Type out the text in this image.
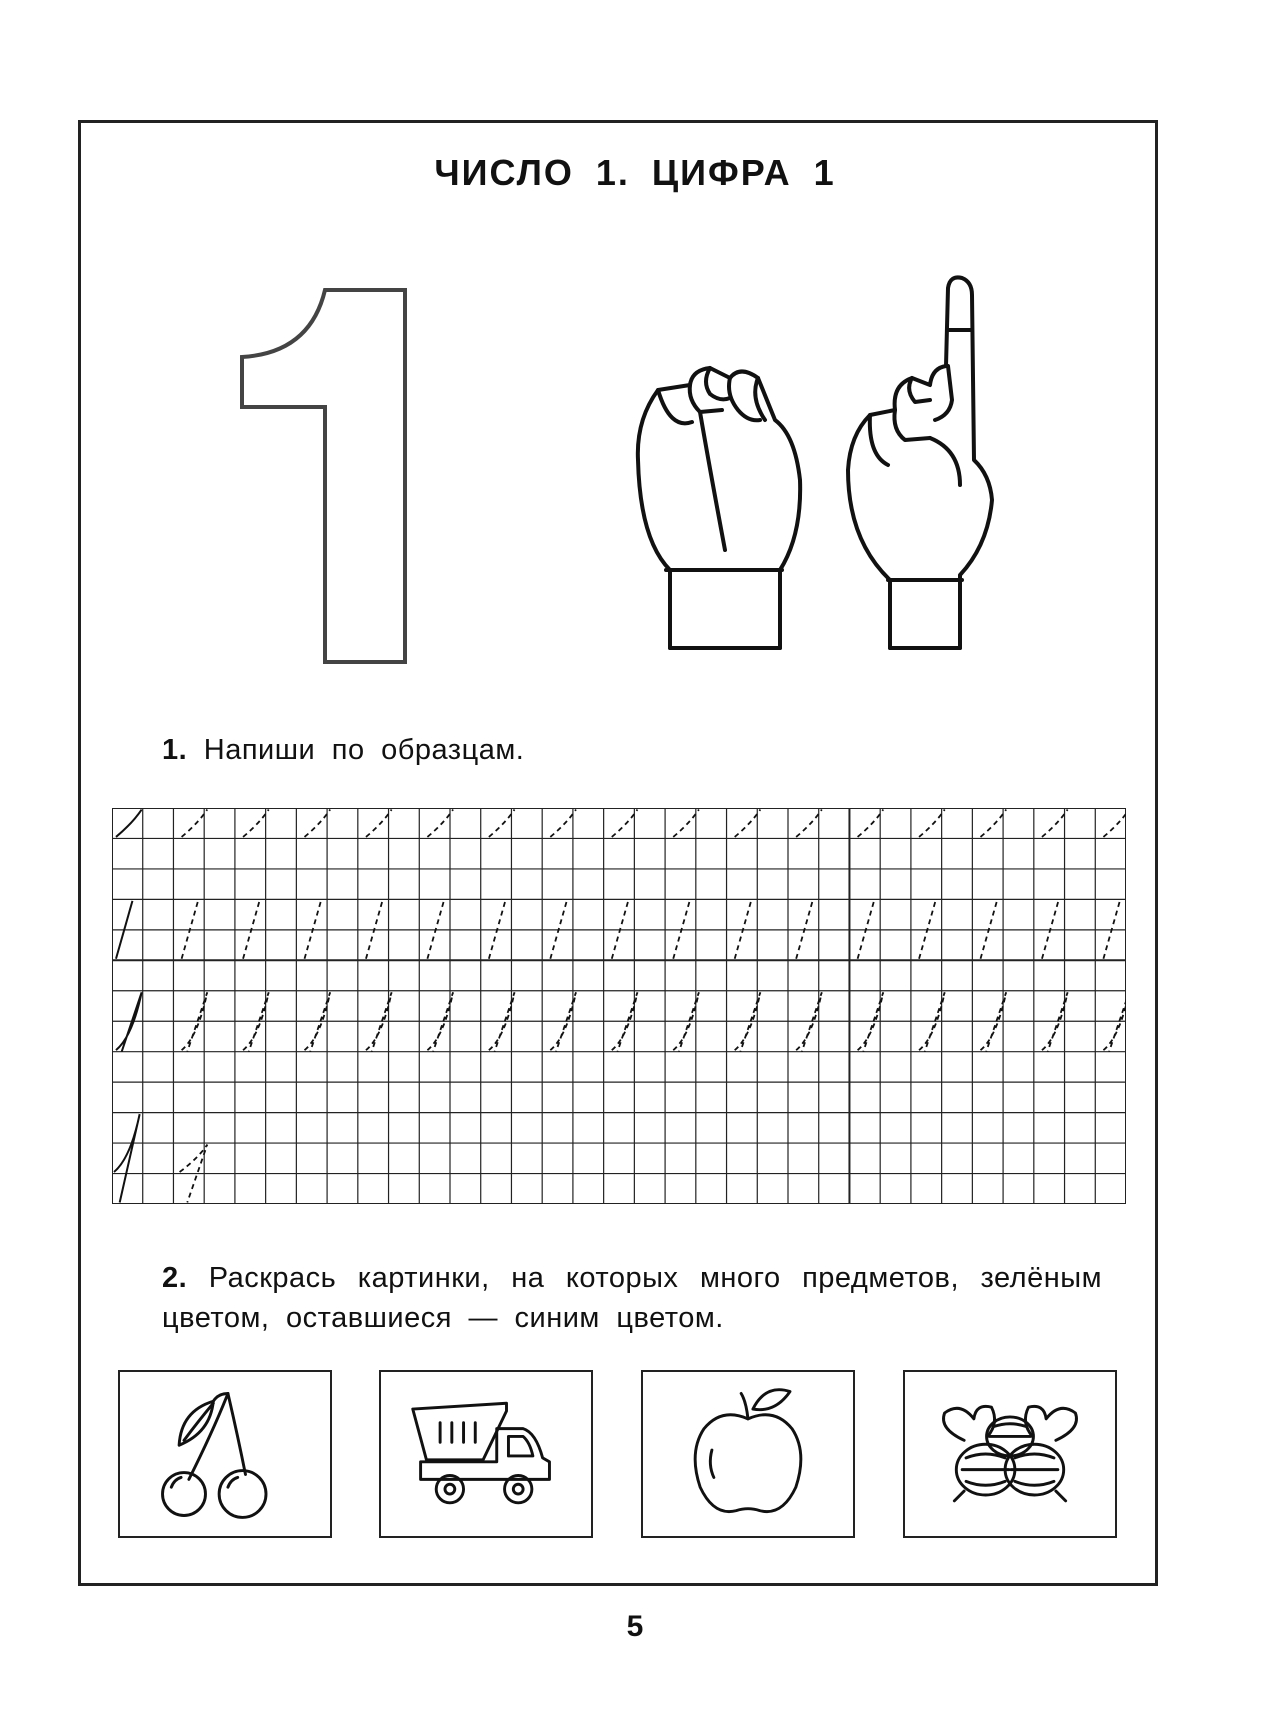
ЧИСЛО 1. ЦИФРА 1
1. Напиши по образцам.
2. Раскрась картинки, на которых много предметов, зелёным цветом, оставшиеся — синим цветом.
5
